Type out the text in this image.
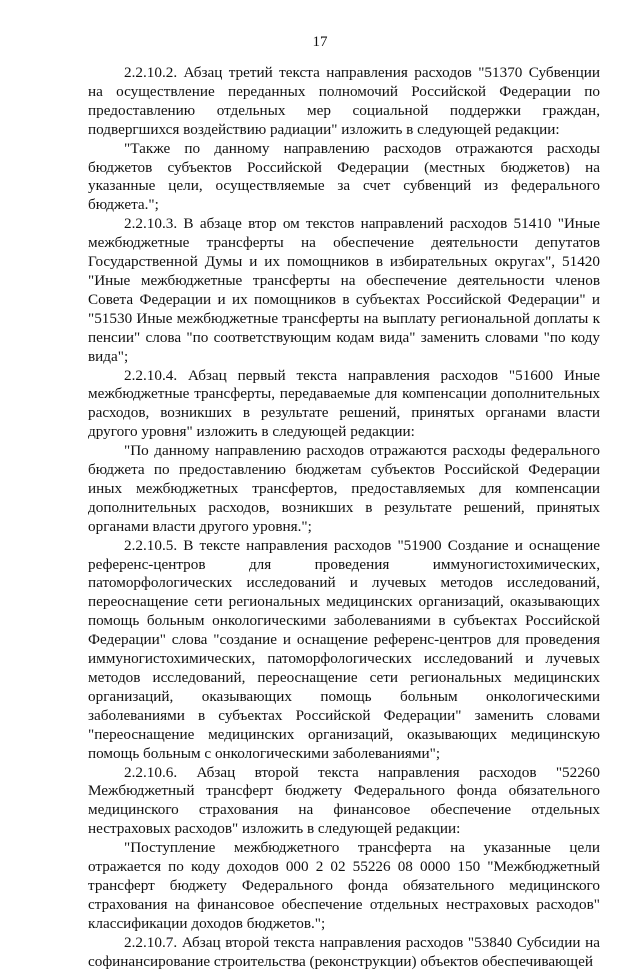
17

2.2.10.2. Абзац третий текста направления расходов "51370 Субвенции на осуществление переданных полномочий Российской Федерации по предоставлению отдельных мер социальной поддержки граждан, подвергшихся воздействию радиации" изложить в следующей редакции:

"Также по данному направлению расходов отражаются расходы бюджетов субъектов Российской Федерации (местных бюджетов) на указанные цели, осуществляемые за счет субвенций из федерального бюджета.";

2.2.10.3. В абзаце втор ом текстов направлений расходов 51410 "Иные межбюджетные трансферты на обеспечение деятельности депутатов Государственной Думы и их помощников в избирательных округах", 51420 "Иные межбюджетные трансферты на обеспечение деятельности членов Совета Федерации и их помощников в субъектах Российской Федерации" и "51530 Иные межбюджетные трансферты на выплату региональной доплаты к пенсии" слова "по соответствующим кодам вида" заменить словами "по коду вида";

2.2.10.4. Абзац первый текста направления расходов "51600 Иные межбюджетные трансферты, передаваемые для компенсации дополнительных расходов, возникших в результате решений, принятых органами власти другого уровня" изложить в следующей редакции:

"По данному направлению расходов отражаются расходы федерального бюджета по предоставлению бюджетам субъектов Российской Федерации иных межбюджетных трансфертов, предоставляемых для компенсации дополнительных расходов, возникших в результате решений, принятых органами власти другого уровня.";

2.2.10.5. В тексте направления расходов "51900 Создание и оснащение референс-центров для проведения иммуногистохимических, патоморфологических исследований и лучевых методов исследований, переоснащение сети региональных медицинских организаций, оказывающих помощь больным онкологическими заболеваниями в субъектах Российской Федерации" слова "создание и оснащение референс-центров для проведения иммуногистохимических, патоморфологических исследований и лучевых методов исследований, переоснащение сети региональных медицинских организаций, оказывающих помощь больным онкологическими заболеваниями в субъектах Российской Федерации" заменить словами "переоснащение медицинских организаций, оказывающих медицинскую помощь больным с онкологическими заболеваниями";

2.2.10.6. Абзац второй текста направления расходов "52260 Межбюджетный трансферт бюджету Федерального фонда обязательного медицинского страхования на финансовое обеспечение отдельных нестраховых расходов" изложить в следующей редакции:

"Поступление межбюджетного трансферта на указанные цели отражается по коду доходов 000 2 02 55226 08 0000 150 "Межбюджетный трансферт бюджету Федерального фонда обязательного медицинского страхования на финансовое обеспечение отдельных нестраховых расходов" классификации доходов бюджетов.";

2.2.10.7. Абзац второй текста направления расходов "53840 Субсидии на софинансирование строительства (реконструкции) объектов обеспечивающей
